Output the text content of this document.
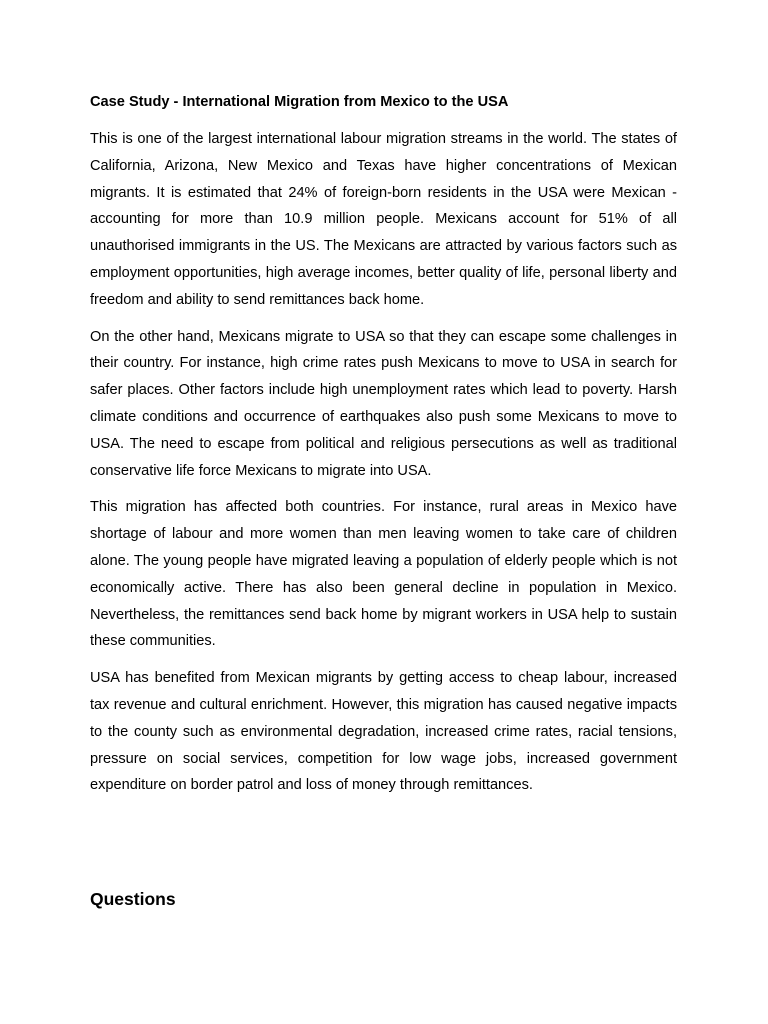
Case Study - International Migration from Mexico to the USA

This is one of the largest international labour migration streams in the world. The states of California, Arizona, New Mexico and Texas have higher concentrations of Mexican migrants. It is estimated that 24% of foreign-born residents in the USA were Mexican - accounting for more than 10.9 million people. Mexicans account for 51% of all unauthorised immigrants in the US. The Mexicans are attracted by various factors such as employment opportunities, high average incomes, better quality of life, personal liberty and freedom and ability to send remittances back home.

On the other hand, Mexicans migrate to USA so that they can escape some challenges in their country. For instance, high crime rates push Mexicans to move to USA in search for safer places. Other factors include high unemployment rates which lead to poverty. Harsh climate conditions and occurrence of earthquakes also push some Mexicans to move to USA. The need to escape from political and religious persecutions as well as traditional conservative life force Mexicans to migrate into USA.

This migration has affected both countries. For instance, rural areas in Mexico have shortage of labour and more women than men leaving women to take care of children alone. The young people have migrated leaving a population of elderly people which is not economically active. There has also been general decline in population in Mexico. Nevertheless, the remittances send back home by migrant workers in USA help to sustain these communities.

USA has benefited from Mexican migrants by getting access to cheap labour, increased tax revenue and cultural enrichment. However, this migration has caused negative impacts to the county such as environmental degradation, increased crime rates, racial tensions, pressure on social services, competition for low wage jobs, increased government expenditure on border patrol and loss of money through remittances.

Questions
